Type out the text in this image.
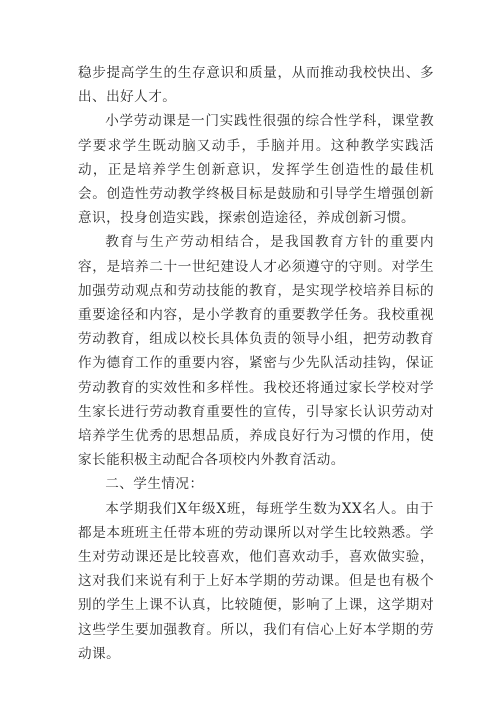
稳步提高学生的生存意识和质量，从而推动我校快出、多出、出好人才。

小学劳动课是一门实践性很强的综合性学科，课堂教学要求学生既动脑又动手，手脑并用。这种教学实践活动，正是培养学生创新意识，发挥学生创造性的最佳机会。创造性劳动教学终极目标是鼓励和引导学生增强创新意识，投身创造实践，探索创造途径，养成创新习惯。

教育与生产劳动相结合，是我国教育方针的重要内容，是培养二十一世纪建设人才必须遵守的守则。对学生加强劳动观点和劳动技能的教育，是实现学校培养目标的重要途径和内容，是小学教育的重要教学任务。我校重视劳动教育，组成以校长具体负责的领导小组，把劳动教育作为德育工作的重要内容，紧密与少先队活动挂钩，保证劳动教育的实效性和多样性。我校还将通过家长学校对学生家长进行劳动教育重要性的宣传，引导家长认识劳动对培养学生优秀的思想品质，养成良好行为习惯的作用，使家长能积极主动配合各项校内外教育活动。

二、学生情况：

本学期我们X年级X班，每班学生数为XX名人。由于都是本班班主任带本班的劳动课所以对学生比较熟悉。学生对劳动课还是比较喜欢，他们喜欢动手，喜欢做实验，这对我们来说有利于上好本学期的劳动课。但是也有极个别的学生上课不认真，比较随便，影响了上课，这学期对这些学生要加强教育。所以，我们有信心上好本学期的劳动课。
